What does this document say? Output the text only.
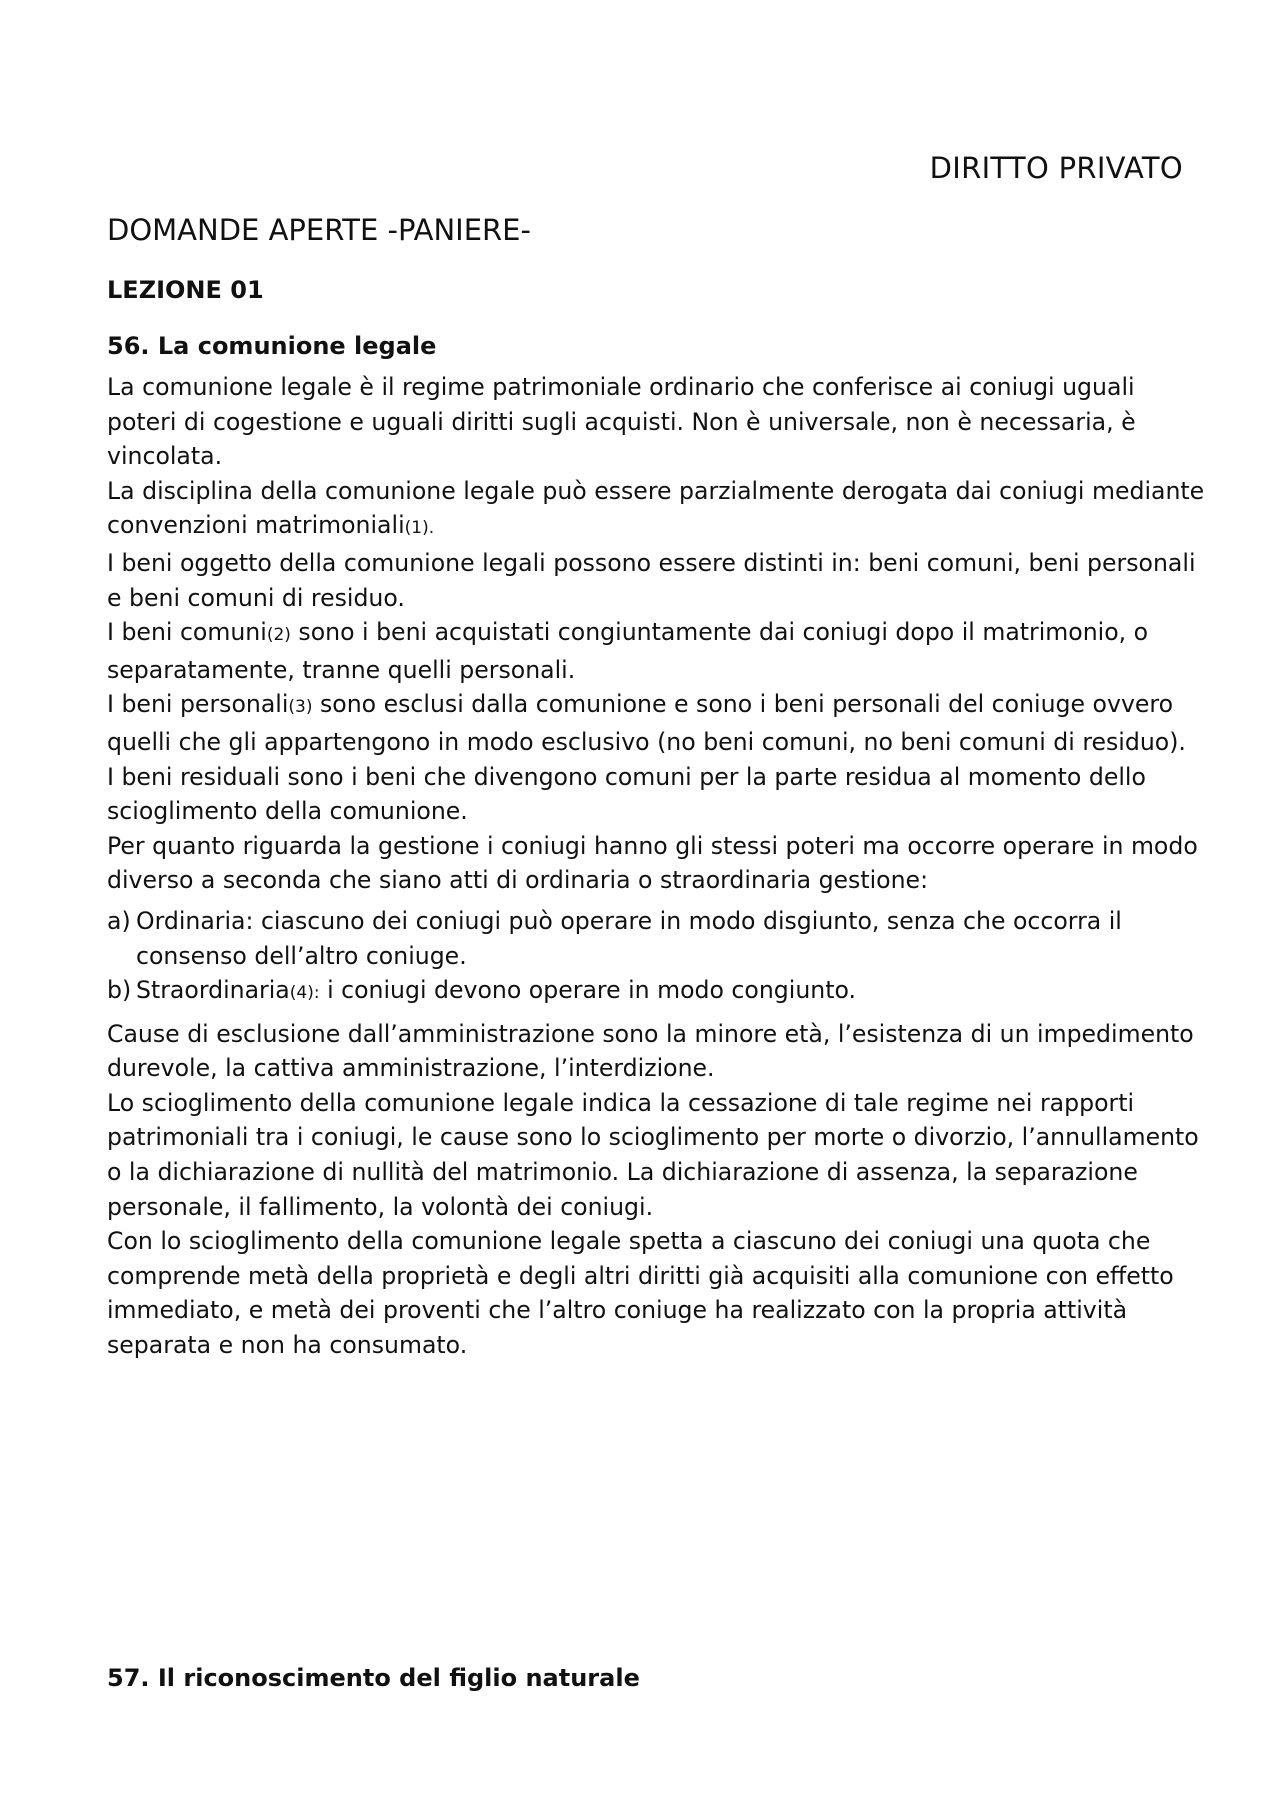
DIRITTO PRIVATO
DOMANDE APERTE -PANIERE-
LEZIONE 01
56. La comunione legale

La comunione legale è il regime patrimoniale ordinario che conferisce ai coniugi uguali poteri di cogestione e uguali diritti sugli acquisti. Non è universale, non è necessaria, è vincolata.

La disciplina della comunione legale può essere parzialmente derogata dai coniugi mediante convenzioni matrimoniali(1).

I beni oggetto della comunione legali possono essere distinti in: beni comuni, beni personali e beni comuni di residuo.

I beni comuni(2) sono i beni acquistati congiuntamente dai coniugi dopo il matrimonio, o separatamente, tranne quelli personali.

I beni personali(3) sono esclusi dalla comunione e sono i beni personali del coniuge ovvero quelli che gli appartengono in modo esclusivo (no beni comuni, no beni comuni di residuo).

I beni residuali sono i beni che divengono comuni per la parte residua al momento dello scioglimento della comunione.

Per quanto riguarda la gestione i coniugi hanno gli stessi poteri ma occorre operare in modo diverso a seconda che siano atti di ordinaria o straordinaria gestione:

a) Ordinaria: ciascuno dei coniugi può operare in modo disgiunto, senza che occorra il consenso dell’altro coniuge.
b) Straordinaria(4): i coniugi devono operare in modo congiunto.

Cause di esclusione dall’amministrazione sono la minore età, l’esistenza di un impedimento durevole, la cattiva amministrazione, l’interdizione.

Lo scioglimento della comunione legale indica la cessazione di tale regime nei rapporti patrimoniali tra i coniugi, le cause sono lo scioglimento per morte o divorzio, l’annullamento o la dichiarazione di nullità del matrimonio. La dichiarazione di assenza, la separazione personale, il fallimento, la volontà dei coniugi.

Con lo scioglimento della comunione legale spetta a ciascuno dei coniugi una quota che comprende metà della proprietà e degli altri diritti già acquisiti alla comunione con effetto immediato, e metà dei proventi che l’altro coniuge ha realizzato con la propria attività separata e non ha consumato.

57. Il riconoscimento del figlio naturale
